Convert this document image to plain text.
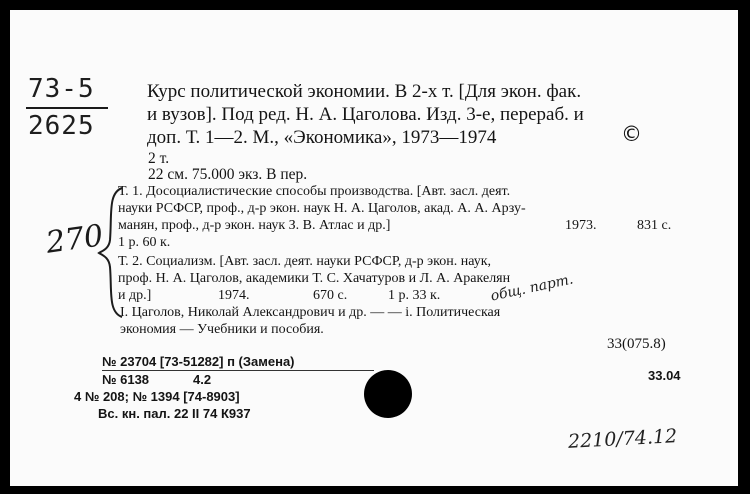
73-5
2625
Курс политической экономии. В 2-х т. [Для экон. фак.
и вузов]. Под ред. Н. А. Цаголова. Изд. 3-е, перераб. и
доп. Т. 1—2. М., «Экономика», 1973—1974	©
2 т.
22 см. 75.000 экз. В пер.
270
Т. 1. Досоциалистические способы производства. [Авт. засл. деят.
науки РСФСР, проф., д-р экон. наук Н. А. Цаголов, акад. А. А. Арзу-
манян, проф., д-р экон. наук З. В. Атлас и др.]	1973.	831 с.
1 р. 60 к.
Т. 2. Социализм. [Авт. засл. деят. науки РСФСР, д-р экон. наук,
проф. Н. А. Цаголов, академики Т. С. Хачатуров и Л. А. Аракелян
и др.]	1974.	670 с.	1 р. 33 к.	общ. парт.
I. Цаголов, Николай Александрович и др. — — i. Политическая
экономия — Учебники и пособия.
33(075.8)
№ 23704 [73-51282] п (Замена)
№ 6138	4.2	33.04
4 № 208; № 1394 [74-8903]
Вс. кн. пал. 22 II 74 К937
2210/74.12
